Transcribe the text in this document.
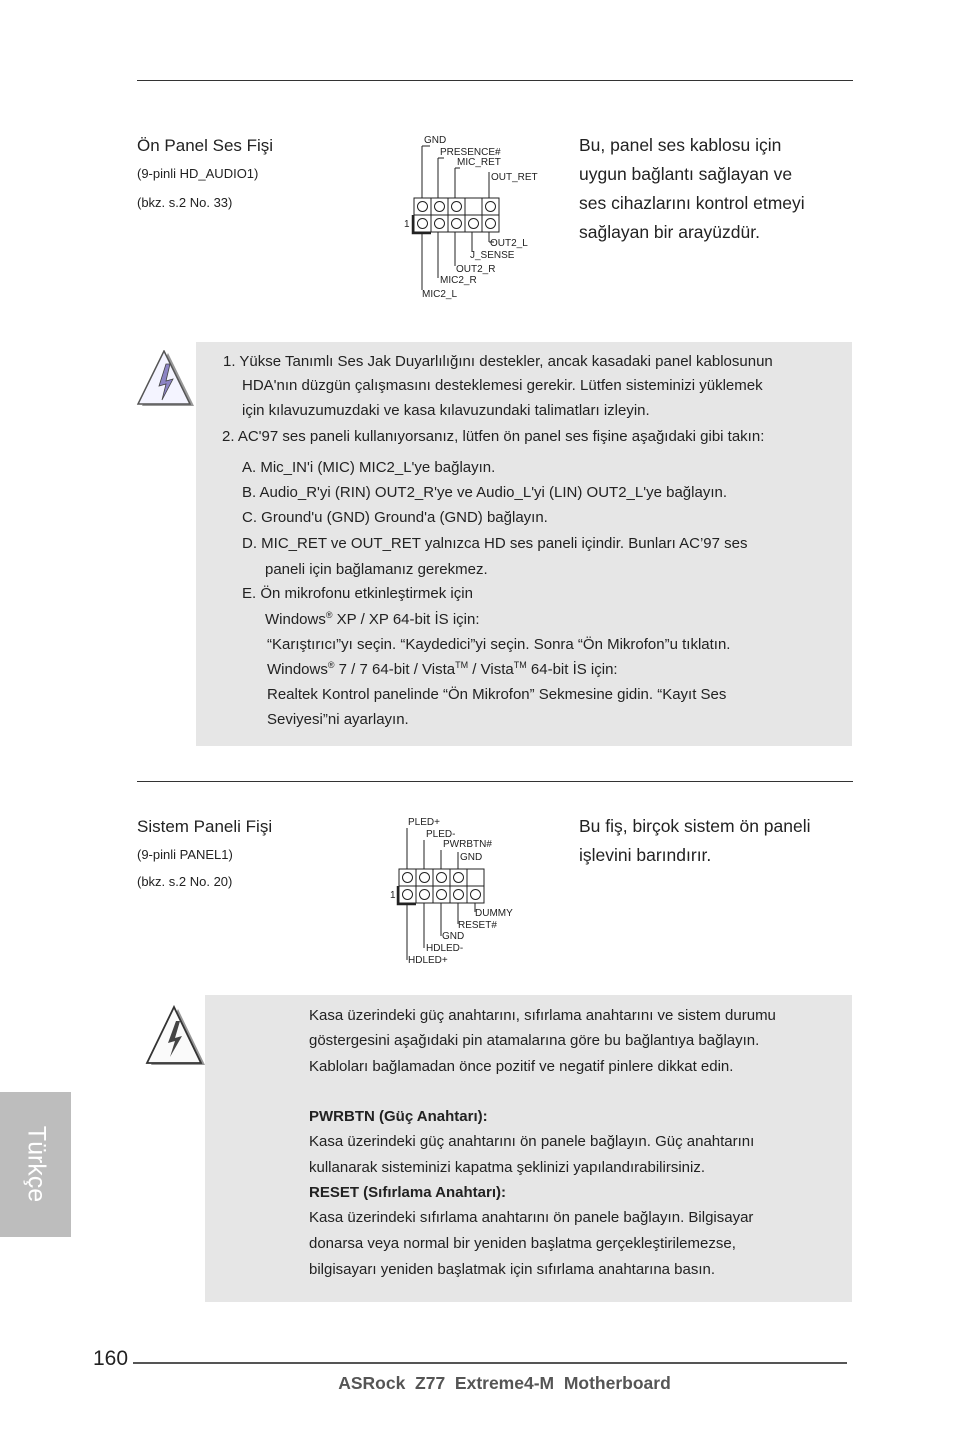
Ön Panel Ses Fişi
(9-pinli HD_AUDIO1)
(bkz. s.2 No. 33)
Bu, panel ses kablosu için
uygun bağlantı sağlayan ve
ses cihazlarını kontrol etmeyi
sağlayan bir arayüzdür.
GND
PRESENCE#
MIC_RET
OUT_RET
1
OUT2_L
J_SENSE
OUT2_R
MIC2_R
MIC2_L
1. Yükse Tanımlı Ses Jak Duyarlılığını destekler, ancak kasadaki panel kablosunun
HDA'nın düzgün çalışmasını desteklemesi gerekir. Lütfen sisteminizi yüklemek
için kılavuzumuzdaki ve kasa kılavuzundaki talimatları izleyin.
2. AC'97 ses paneli kullanıyorsanız, lütfen ön panel ses fişine aşağıdaki gibi takın:
A. Mic_IN'i (MIC) MIC2_L'ye bağlayın.
B. Audio_R'yi (RIN) OUT2_R'ye ve Audio_L'yi (LIN) OUT2_L'ye bağlayın.
C. Ground'u (GND) Ground'a (GND) bağlayın.
D. MIC_RET ve OUT_RET yalnızca HD ses paneli içindir. Bunları AC’97 ses
paneli için bağlamanız gerekmez.
E. Ön mikrofonu etkinleştirmek için
Windows® XP / XP 64-bit İS için:
“Karıştırıcı”yı seçin. “Kaydedici”yi seçin. Sonra “Ön Mikrofon”u tıklatın.
Windows® 7 / 7 64-bit / Vista™ / Vista™ 64-bit İS için:
Realtek Kontrol panelinde “Ön Mikrofon” Sekmesine gidin. “Kayıt Ses
Seviyesi”ni ayarlayın.
Sistem Paneli Fişi
(9-pinli PANEL1)
(bkz. s.2 No. 20)
Bu fiş, birçok sistem ön paneli
işlevini barındırır.
PLED+
PLED-
PWRBTN#
GND
1
DUMMY
RESET#
GND
HDLED-
HDLED+
Kasa üzerindeki güç anahtarını, sıfırlama anahtarını ve sistem durumu
göstergesini aşağıdaki pin atamalarına göre bu bağlantıya bağlayın.
Kabloları bağlamadan önce pozitif ve negatif pinlere dikkat edin.
PWRBTN (Güç Anahtarı):
Kasa üzerindeki güç anahtarını ön panele bağlayın. Güç anahtarını
kullanarak sisteminizi kapatma şeklinizi yapılandırabilirsiniz.
RESET (Sıfırlama Anahtarı):
Kasa üzerindeki sıfırlama anahtarını ön panele bağlayın. Bilgisayar
donarsa veya normal bir yeniden başlatma gerçekleştirilemezse,
bilgisayarı yeniden başlatmak için sıfırlama anahtarına basın.
Türkçe
160
ASRock  Z77  Extreme4-M  Motherboard
